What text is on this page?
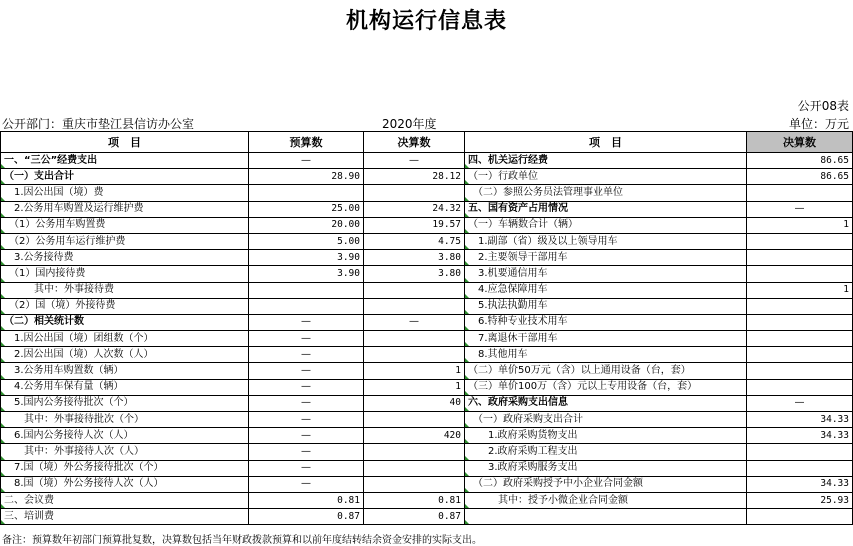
机构运行信息表
公开08表
公开部门：重庆市垫江县信访办公室	2020年度	单位：万元
项　目	预算数	决算数	项　目	决算数
一、“三公”经费支出	—	—	四、机关运行经费	86.65
（一）支出合计	28.90	28.12	（一）行政单位	86.65
　1.因公出国（境）费			　（二）参照公务员法管理事业单位	
　2.公务用车购置及运行维护费	25.00	24.32	五、国有资产占用情况	—
　（1）公务用车购置费	20.00	19.57	（一）车辆数合计（辆）	1
　（2）公务用车运行维护费	5.00	4.75	　1.副部（省）级及以上领导用车	
　3.公务接待费	3.90	3.80	　2.主要领导干部用车	
　（1）国内接待费	3.90	3.80	　3.机要通信用车	
　　　其中：外事接待费			　4.应急保障用车	1
　（2）国（境）外接待费			　5.执法执勤用车	
（二）相关统计数	—	—	　6.特种专业技术用车	
　1.因公出国（境）团组数（个）	—		　7.离退休干部用车	
　2.因公出国（境）人次数（人）	—		　8.其他用车	
　3.公务用车购置数（辆）	—	1	（二）单价50万元（含）以上通用设备（台，套）	
　4.公务用车保有量（辆）	—	1	（三）单价100万（含）元以上专用设备（台，套）	
　5.国内公务接待批次（个）	—	40	六、政府采购支出信息	—
　　其中：外事接待批次（个）	—		　（一）政府采购支出合计	34.33
　6.国内公务接待人次（人）	—	420	　　1.政府采购货物支出	34.33
　　其中：外事接待人次（人）	—		　　2.政府采购工程支出	
　7.国（境）外公务接待批次（个）	—		　　3.政府采购服务支出	
　8.国（境）外公务接待人次（人）	—		　（二）政府采购授予中小企业合同金额	34.33
二、会议费	0.81	0.81	　　　其中：授予小微企业合同金额	25.93
三、培训费	0.87	0.87		
备注：预算数年初部门预算批复数，决算数包括当年财政拨款预算和以前年度结转结余资金安排的实际支出。
